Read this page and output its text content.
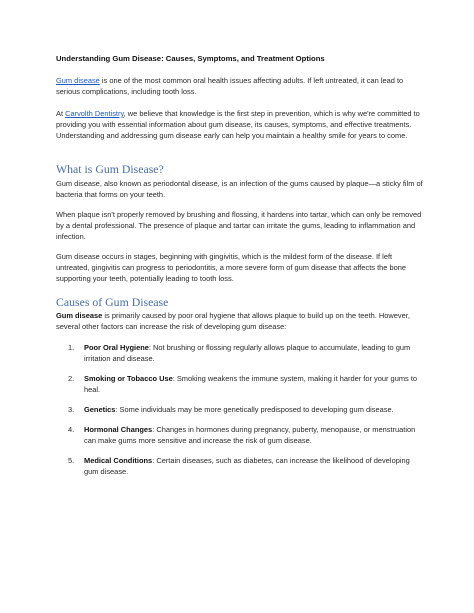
Understanding Gum Disease: Causes, Symptoms, and Treatment Options
Gum disease is one of the most common oral health issues affecting adults. If left untreated, it can lead to serious complications, including tooth loss.
At Carvolth Dentistry, we believe that knowledge is the first step in prevention, which is why we're committed to providing you with essential information about gum disease, its causes, symptoms, and effective treatments. Understanding and addressing gum disease early can help you maintain a healthy smile for years to come.
What is Gum Disease?
Gum disease, also known as periodontal disease, is an infection of the gums caused by plaque—a sticky film of bacteria that forms on your teeth.
When plaque isn't properly removed by brushing and flossing, it hardens into tartar, which can only be removed by a dental professional. The presence of plaque and tartar can irritate the gums, leading to inflammation and infection.
Gum disease occurs in stages, beginning with gingivitis, which is the mildest form of the disease. If left untreated, gingivitis can progress to periodontitis, a more severe form of gum disease that affects the bone supporting your teeth, potentially leading to tooth loss.
Causes of Gum Disease
Gum disease is primarily caused by poor oral hygiene that allows plaque to build up on the teeth. However, several other factors can increase the risk of developing gum disease:
1. Poor Oral Hygiene: Not brushing or flossing regularly allows plaque to accumulate, leading to gum irritation and disease.
2. Smoking or Tobacco Use: Smoking weakens the immune system, making it harder for your gums to heal.
3. Genetics: Some individuals may be more genetically predisposed to developing gum disease.
4. Hormonal Changes: Changes in hormones during pregnancy, puberty, menopause, or menstruation can make gums more sensitive and increase the risk of gum disease.
5. Medical Conditions: Certain diseases, such as diabetes, can increase the likelihood of developing gum disease.
